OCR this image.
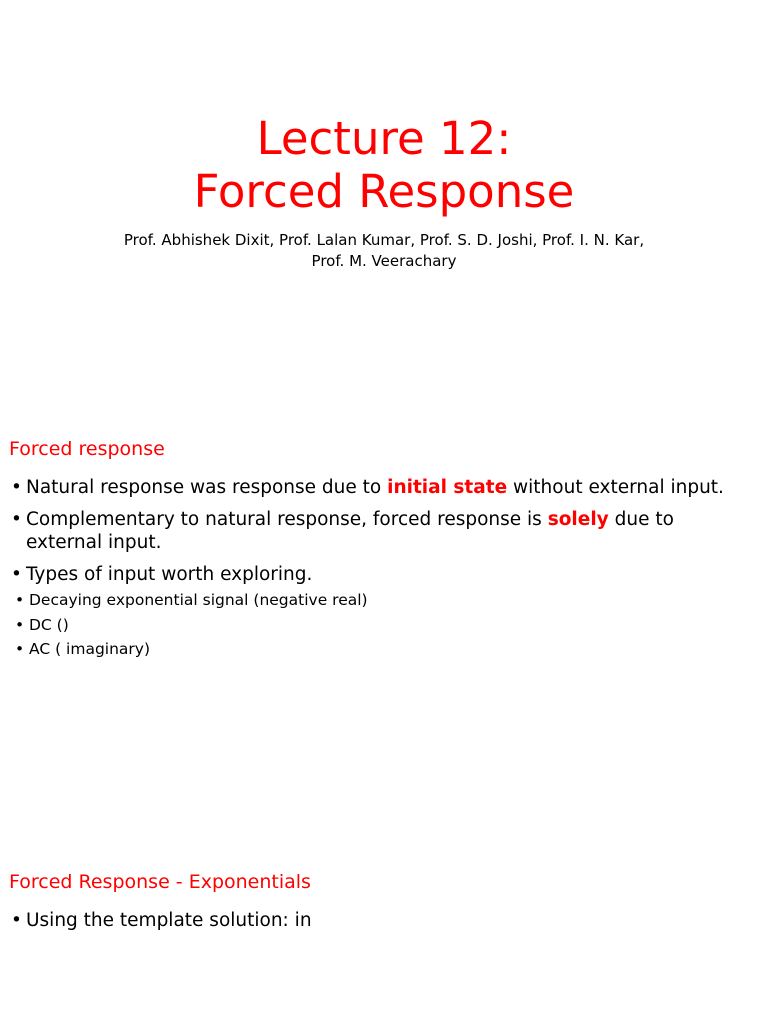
Lecture 12:
Forced Response
Prof. Abhishek Dixit, Prof. Lalan Kumar, Prof. S. D. Joshi, Prof. I. N. Kar,
Prof. M. Veerachary
Forced response
• Natural response was response due to initial state without external input.
• Complementary to natural response, forced response is solely due to external input.
• Types of input worth exploring.
• Decaying exponential signal (negative real)
• DC ()
• AC ( imaginary)
Forced Response - Exponentials
• Using the template solution: in
